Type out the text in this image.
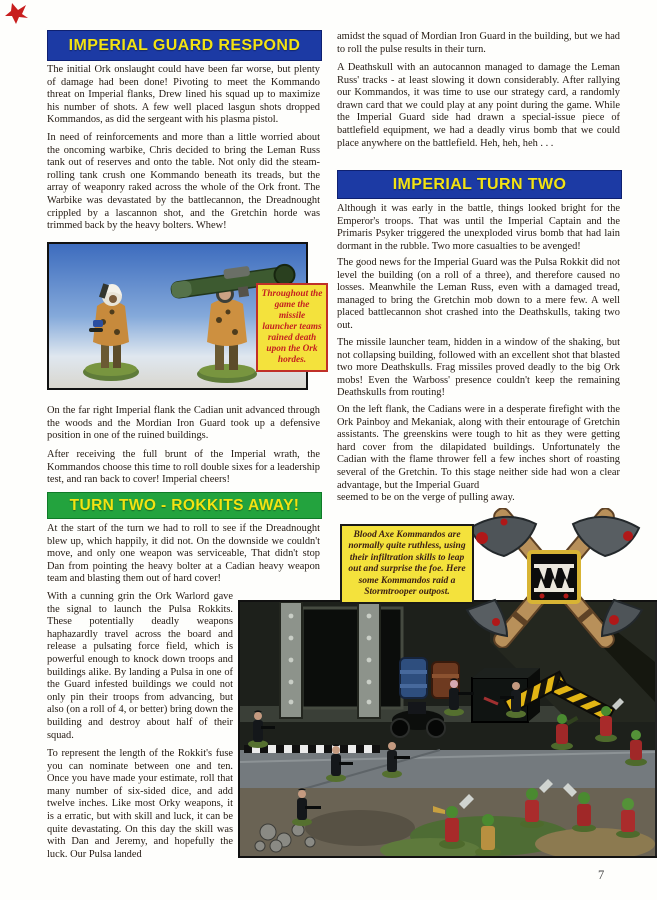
IMPERIAL GUARD RESPOND
The initial Ork onslaught could have been far worse, but plenty of damage had been done! Pivoting to meet the Kommando threat on Imperial flanks, Drew lined his squad up to maximize his number of shots. A few well placed lasgun shots dropped Kommandos, as did the sergeant with his plasma pistol.
In need of reinforcements and more than a little worried about the oncoming warbike, Chris decided to bring the Leman Russ tank out of reserves and onto the table. Not only did the steam-rolling tank crush one Kommando beneath its treads, but the array of weaponry raked across the whole of the Ork front. The Warbike was devastated by the battlecannon, the Dreadnought crippled by a lascannon shot, and the Gretchin horde was trimmed back by the heavy bolters. Whew!
Throughout the game the missile launcher teams rained death upon the Ork hordes.
On the far right Imperial flank the Cadian unit advanced through the woods and the Mordian Iron Guard took up a defensive position in one of the ruined buildings.
After receiving the full brunt of the Imperial wrath, the Kommandos choose this time to roll double sixes for a leadership test, and ran back to cover! Imperial cheers!
TURN TWO - ROKKITS AWAY!
At the start of the turn we had to roll to see if the Dreadnought blew up, which happily, it did not. On the downside we couldn't move, and only one weapon was serviceable, That didn't stop Dan from pointing the heavy bolter at a Cadian heavy weapon team and blasting them out of hard cover!
With a cunning grin the Ork Warlord gave the signal to launch the Pulsa Rokkits. These potentially deadly weapons haphazardly travel across the board and release a pulsating force field, which is powerful enough to knock down troops and buildings alike. By landing a Pulsa in one of the Guard infested buildings we could not only pin their troops from advancing, but also (on a roll of 4, or better) bring down the building and destroy about half of their squad.
To represent the length of the Rokkit's fuse you can nominate between one and ten. Once you have made your estimate, roll that many number of six-sided dice, and add twelve inches. Like most Orky weapons, it is a erratic, but with skill and luck, it can be quite devastating. On this day the skill was with Dan and Jeremy, and hopefully the luck. Our Pulsa landed
amidst the squad of Mordian Iron Guard in the building, but we had to roll the pulse results in their turn.
A Deathskull with an autocannon managed to damage the Leman Russ' tracks - at least slowing it down considerably. After rallying our Kommandos, it was time to use our strategy card, a randomly drawn card that we could play at any point during the game. While the Imperial Guard side had drawn a special-issue piece of battlefield equipment, we had a deadly virus bomb that we could place anywhere on the battlefield. Heh, heh, heh . . .
IMPERIAL TURN TWO
Although it was early in the battle, things looked bright for the Emperor's troops. That was until the Imperial Captain and the Primaris Psyker triggered the unexploded virus bomb that had lain dormant in the rubble. Two more casualties to be avenged!
The good news for the Imperial Guard was the Pulsa Rokkit did not level the building (on a roll of a three), and therefore caused no losses. Meanwhile the Leman Russ, even with a damaged tread, managed to bring the Gretchin mob down to a mere few. A well placed battlecannon shot crashed into the Deathskulls, taking two out.
The missile launcher team, hidden in a window of the shaking, but not collapsing building, followed with an excellent shot that blasted two more Deathskulls. Frag missiles proved deadly to the big Ork mobs! Even the Warboss' presence couldn't keep the remaining Deathskulls from routing!
On the left flank, the Cadians were in a desperate firefight with the Ork Painboy and Mekaniak, along with their entourage of Gretchin assistants. The greenskins were tough to hit as they were getting hard cover from the dilapidated buildings. Unfortunately the Cadian with the flame thrower fell a few inches short of roasting several of the Gretchin. To this stage neither side had won a clear advantage, but the Imperial Guard
seemed to be on the verge of pulling away.
Blood Axe Kommandos are normally quite ruthless, using their infiltration skills to leap out and surprise the foe. Here some Kommandos raid a Stormtrooper outpost.
7
